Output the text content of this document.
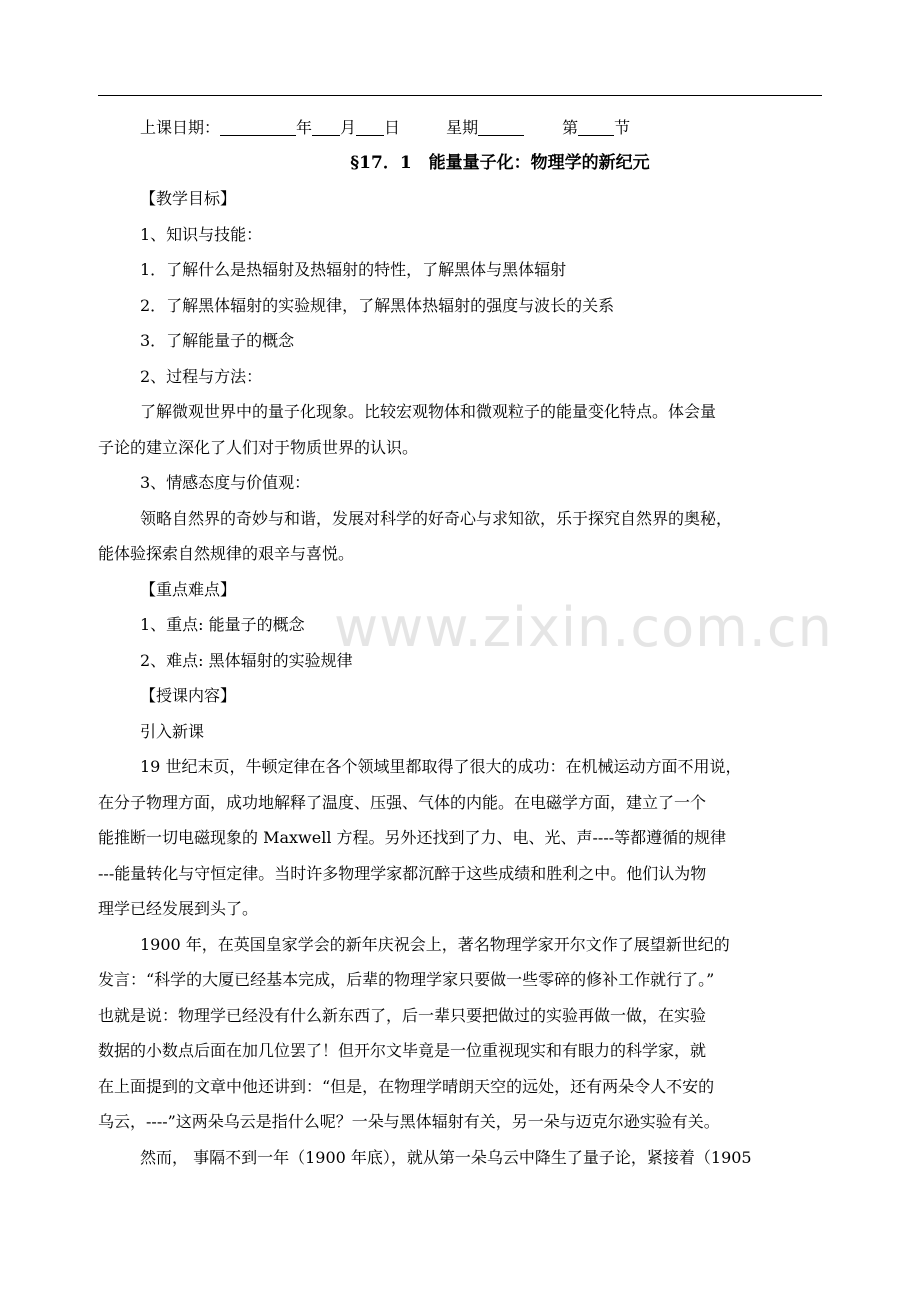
www.zixin.com.cn
上课日期：	年 月 日	星期	第 节
§17．1　能量量子化：物理学的新纪元
【教学目标】
1、知识与技能：
1．了解什么是热辐射及热辐射的特性，了解黑体与黑体辐射
2．了解黑体辐射的实验规律，了解黑体热辐射的强度与波长的关系
3．了解能量子的概念
2、过程与方法：
了解微观世界中的量子化现象。比较宏观物体和微观粒子的能量变化特点。体会量
子论的建立深化了人们对于物质世界的认识。
3、情感态度与价值观：
领略自然界的奇妙与和谐，发展对科学的好奇心与求知欲，乐于探究自然界的奥秘，
能体验探索自然规律的艰辛与喜悦。
【重点难点】
1、重点: 能量子的概念
2、难点: 黑体辐射的实验规律
【授课内容】
引入新课
19 世纪末页，牛顿定律在各个领域里都取得了很大的成功：在机械运动方面不用说，
在分子物理方面，成功地解释了温度、压强、气体的内能。在电磁学方面，建立了一个
能推断一切电磁现象的 Maxwell 方程。另外还找到了力、电、光、声----等都遵循的规律
---能量转化与守恒定律。当时许多物理学家都沉醉于这些成绩和胜利之中。他们认为物
理学已经发展到头了。
1900 年，在英国皇家学会的新年庆祝会上，著名物理学家开尔文作了展望新世纪的
发言：“科学的大厦已经基本完成，后辈的物理学家只要做一些零碎的修补工作就行了。”
也就是说：物理学已经没有什么新东西了，后一辈只要把做过的实验再做一做，在实验
数据的小数点后面在加几位罢了！但开尔文毕竟是一位重视现实和有眼力的科学家，就
在上面提到的文章中他还讲到：“但是，在物理学晴朗天空的远处，还有两朵令人不安的
乌云，----”这两朵乌云是指什么呢？一朵与黑体辐射有关，另一朵与迈克尔逊实验有关。
然而， 事隔不到一年（1900 年底），就从第一朵乌云中降生了量子论，紧接着（1905
